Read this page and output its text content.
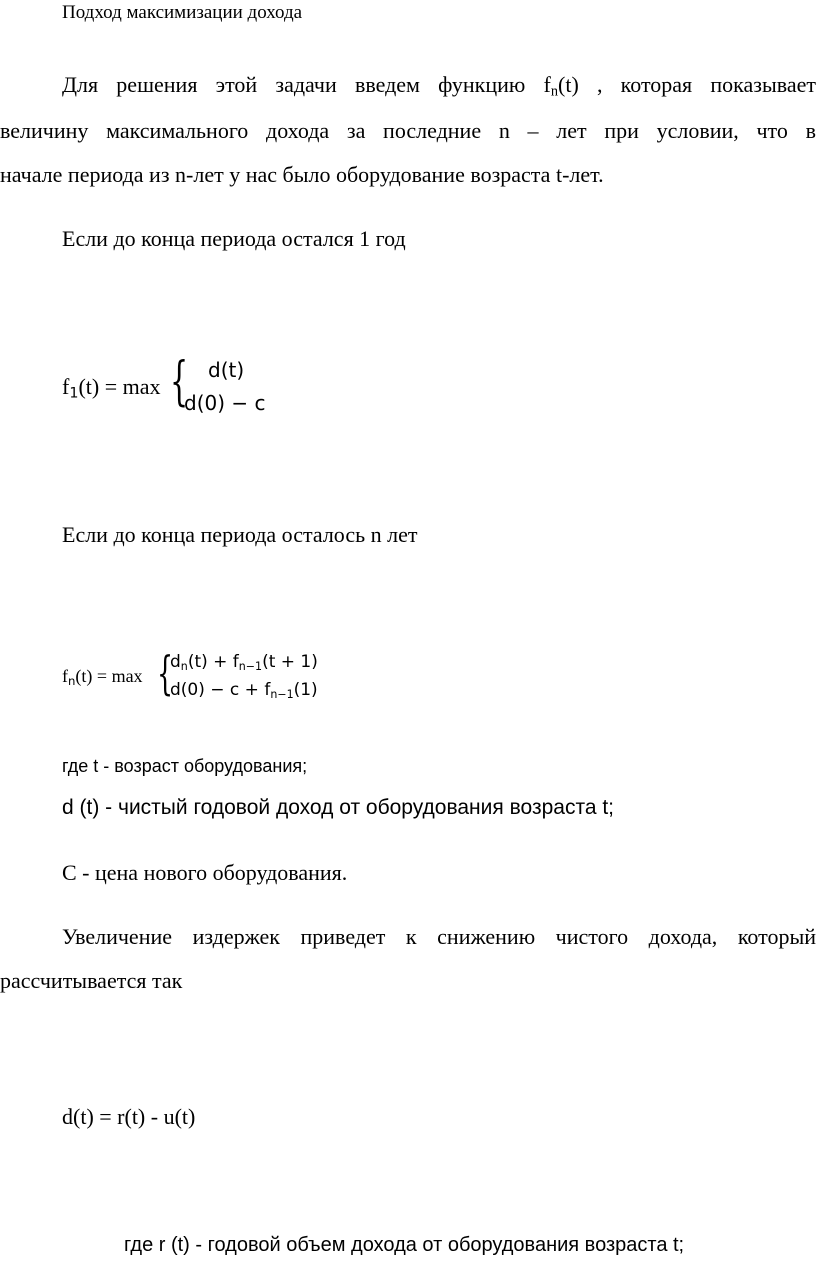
Подход максимизации дохода
Для решения этой задачи введем функцию $f_n(t)$ , которая показывает
величину максимального дохода за последние n – лет при условии, что в
начале периода из n-лет у нас было оборудование возраста t-лет.
Если до конца периода остался 1 год
$f_1(t) = \max$ { d(t)
d(0) − c
Если до конца периода осталось n лет
$f_n(t) = \max$ {
$d_n(t) + f_{n-1}(t + 1)$
$d(0) - c + f_{n-1}(1)$
где t - возраст оборудования;
d (t) - чистый годовой доход от оборудования возраста t;
C - цена нового оборудования.
Увеличение издержек приведет к снижению чистого дохода, который
рассчитывается так
d(t) = r(t) - u(t)
где r (t) - годовой объем дохода от оборудования возраста t;
